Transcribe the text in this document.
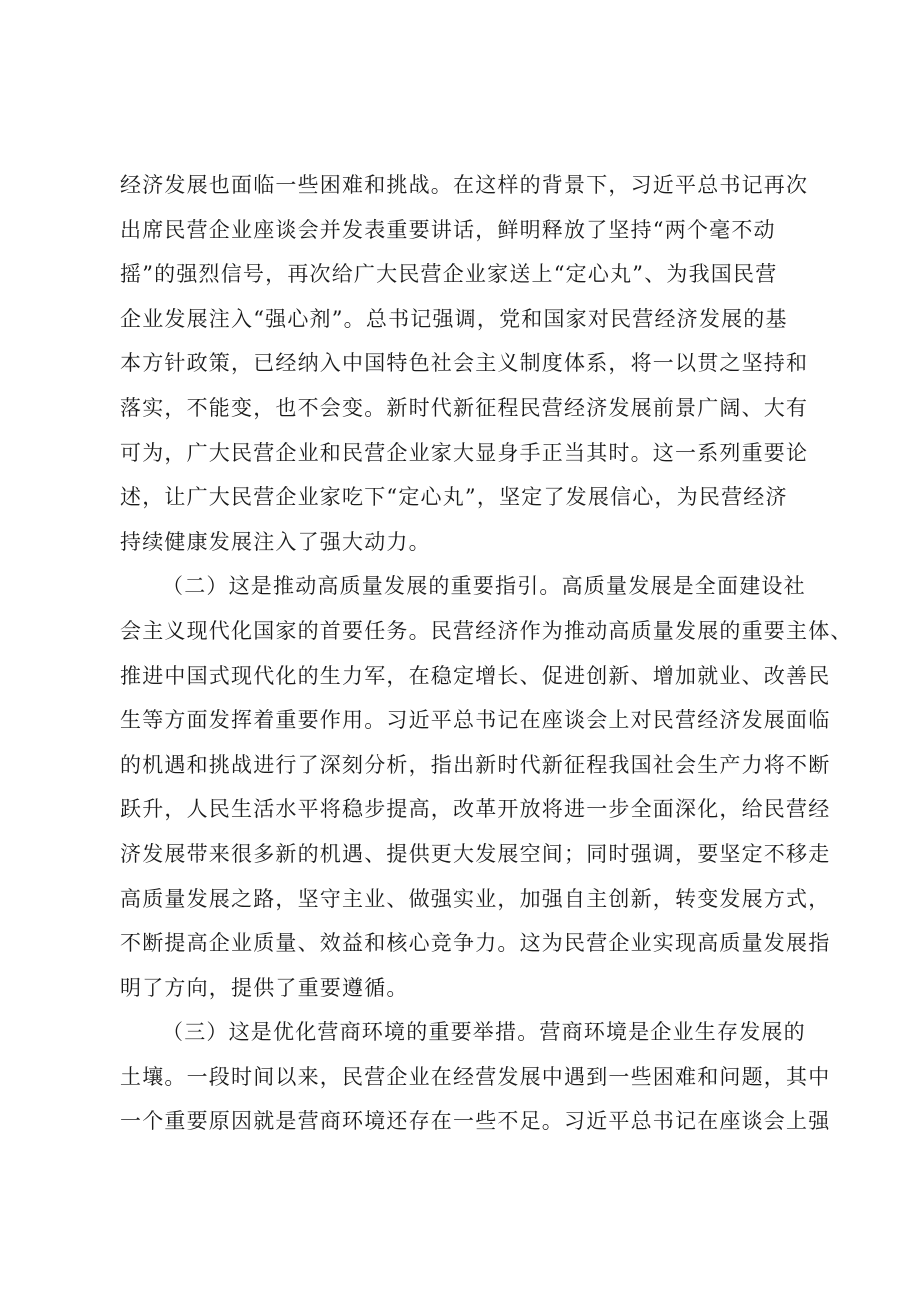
经济发展也面临一些困难和挑战。在这样的背景下，习近平总书记再次
出席民营企业座谈会并发表重要讲话，鲜明释放了坚持“两个毫不动
摇”的强烈信号，再次给广大民营企业家送上“定心丸”、为我国民营
企业发展注入“强心剂”。总书记强调，党和国家对民营经济发展的基
本方针政策，已经纳入中国特色社会主义制度体系，将一以贯之坚持和
落实，不能变，也不会变。新时代新征程民营经济发展前景广阔、大有
可为，广大民营企业和民营企业家大显身手正当其时。这一系列重要论
述，让广大民营企业家吃下“定心丸”，坚定了发展信心，为民营经济
持续健康发展注入了强大动力。
（二）这是推动高质量发展的重要指引。高质量发展是全面建设社
会主义现代化国家的首要任务。民营经济作为推动高质量发展的重要主体、
推进中国式现代化的生力军，在稳定增长、促进创新、增加就业、改善民
生等方面发挥着重要作用。习近平总书记在座谈会上对民营经济发展面临
的机遇和挑战进行了深刻分析，指出新时代新征程我国社会生产力将不断
跃升，人民生活水平将稳步提高，改革开放将进一步全面深化，给民营经
济发展带来很多新的机遇、提供更大发展空间；同时强调，要坚定不移走
高质量发展之路，坚守主业、做强实业，加强自主创新，转变发展方式，
不断提高企业质量、效益和核心竞争力。这为民营企业实现高质量发展指
明了方向，提供了重要遵循。
（三）这是优化营商环境的重要举措。营商环境是企业生存发展的
土壤。一段时间以来，民营企业在经营发展中遇到一些困难和问题，其中
一个重要原因就是营商环境还存在一些不足。习近平总书记在座谈会上强
